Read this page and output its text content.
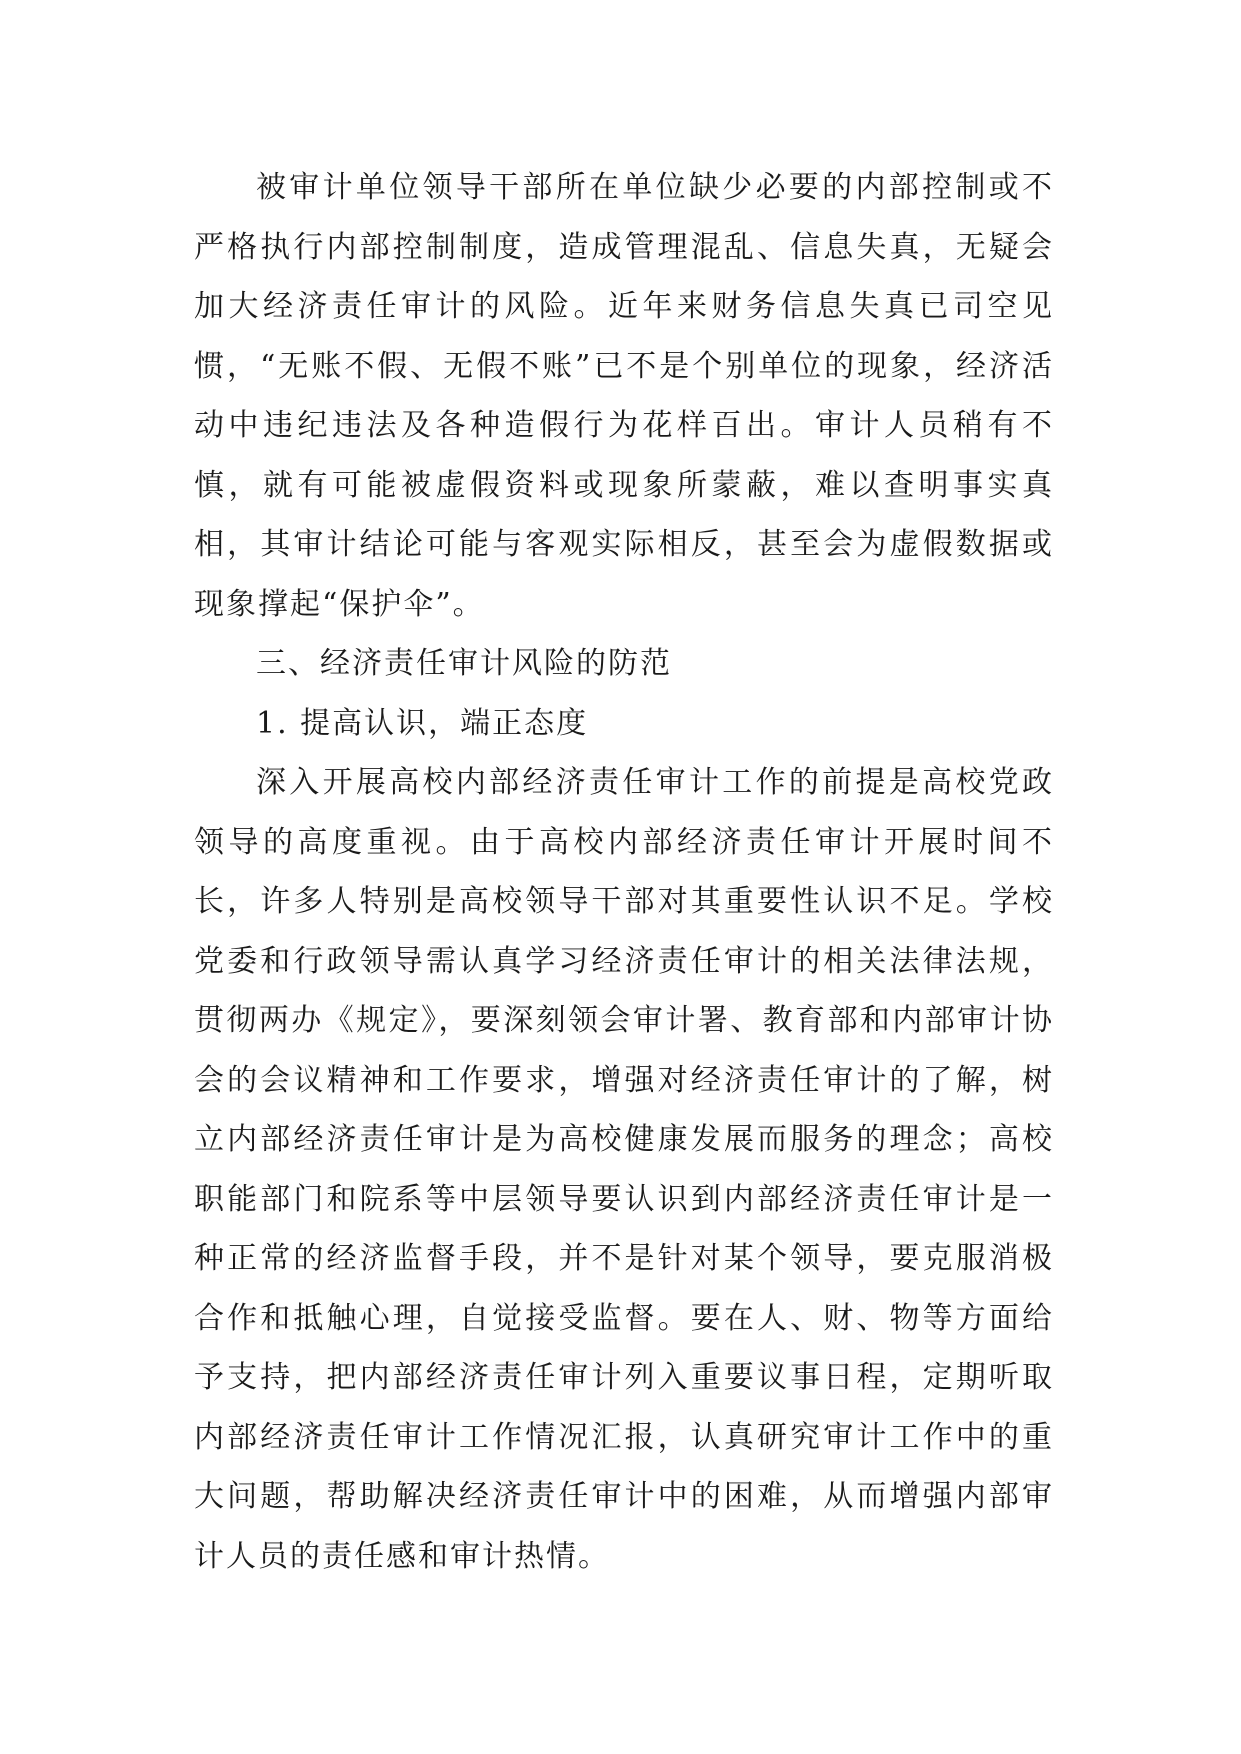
被审计单位领导干部所在单位缺少必要的内部控制或不严格执行内部控制制度，造成管理混乱、信息失真，无疑会加大经济责任审计的风险。近年来财务信息失真已司空见惯，“无账不假、无假不账”已不是个别单位的现象，经济活动中违纪违法及各种造假行为花样百出。审计人员稍有不慎，就有可能被虚假资料或现象所蒙蔽，难以查明事实真相，其审计结论可能与客观实际相反，甚至会为虚假数据或现象撑起“保护伞”。

三、经济责任审计风险的防范

1. 提高认识，端正态度

深入开展高校内部经济责任审计工作的前提是高校党政领导的高度重视。由于高校内部经济责任审计开展时间不长，许多人特别是高校领导干部对其重要性认识不足。学校党委和行政领导需认真学习经济责任审计的相关法律法规，贯彻两办《规定》，要深刻领会审计署、教育部和内部审计协会的会议精神和工作要求，增强对经济责任审计的了解，树立内部经济责任审计是为高校健康发展而服务的理念；高校职能部门和院系等中层领导要认识到内部经济责任审计是一种正常的经济监督手段，并不是针对某个领导，要克服消极合作和抵触心理，自觉接受监督。要在人、财、物等方面给予支持，把内部经济责任审计列入重要议事日程，定期听取内部经济责任审计工作情况汇报，认真研究审计工作中的重大问题，帮助解决经济责任审计中的困难，从而增强内部审计人员的责任感和审计热情。
